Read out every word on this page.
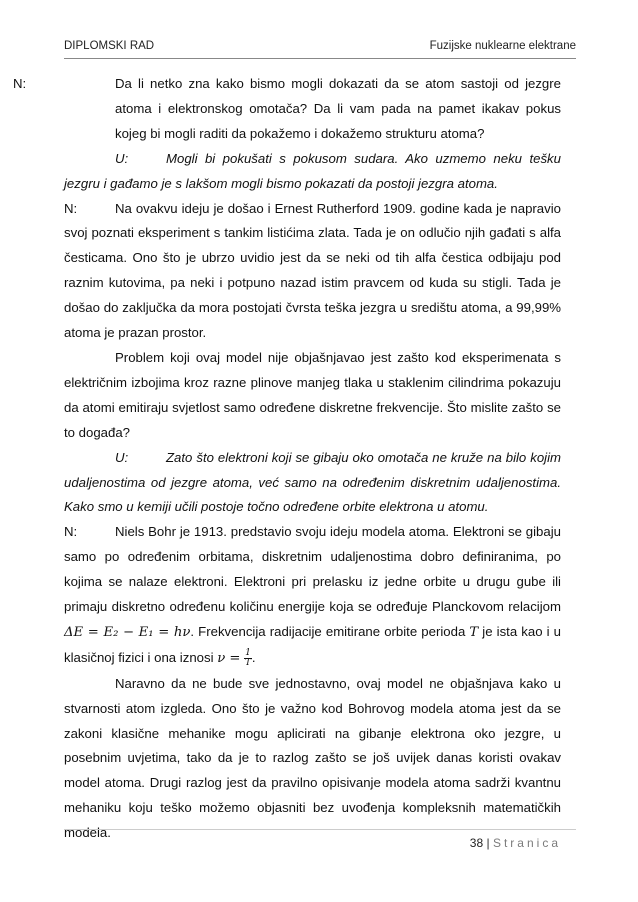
DIPLOMSKI RAD	Fuzijske nuklearne elektrane

N:	Da li netko zna kako bismo mogli dokazati da se atom sastoji od jezgre atoma i elektronskog omotača? Da li vam pada na pamet ikakav pokus kojeg bi mogli raditi da pokažemo i dokažemo strukturu atoma?

U:	Mogli bi pokušati s pokusom sudara. Ako uzmemo neku tešku jezgru i gađamo je s lakšom mogli bismo pokazati da postoji jezgra atoma.

N:	Na ovakvu ideju je došao i Ernest Rutherford 1909. godine kada je napravio svoj poznati eksperiment s tankim listićima zlata. Tada je on odlučio njih gađati s alfa česticama. Ono što je ubrzo uvidio jest da se neki od tih alfa čestica odbijaju pod raznim kutovima, pa neki i potpuno nazad istim pravcem od kuda su stigli. Tada je došao do zaključka da mora postojati čvrsta teška jezgra u središtu atoma, a 99,99% atoma je prazan prostor.

Problem koji ovaj model nije objašnjavao jest zašto kod eksperimenata s električnim izbojima kroz razne plinove manjeg tlaka u staklenim cilindrima pokazuju da atomi emitiraju svjetlost samo određene diskretne frekvencije. Što mislite zašto se to događa?

U:	Zato što elektroni koji se gibaju oko omotača ne kruže na bilo kojim udaljenostima od jezgre atoma, već samo na određenim diskretnim udaljenostima. Kako smo u kemiji učili postoje točno određene orbite elektrona u atomu.

N:	Niels Bohr je 1913. predstavio svoju ideju modela atoma. Elektroni se gibaju samo po određenim orbitama, diskretnim udaljenostima dobro definiranima, po kojima se nalaze elektroni. Elektroni pri prelasku iz jedne orbite u drugu gube ili primaju diskretno određenu količinu energije koja se određuje Planckovom relacijom ΔE = E₂ − E₁ = hν. Frekvencija radijacije emitirane orbite perioda T je ista kao i u klasičnoj fizici i ona iznosi $\nu = \frac{1}{T}$ .

Naravno da ne bude sve jednostavno, ovaj model ne objašnjava kako u stvarnosti atom izgleda. Ono što je važno kod Bohrovog modela atoma jest da se zakoni klasične mehanike mogu aplicirati na gibanje elektrona oko jezgre, u posebnim uvjetima, tako da je to razlog zašto se još uvijek danas koristi ovakav model atoma. Drugi razlog jest da pravilno opisivanje modela atoma sadrži kvantnu mehaniku koju teško možemo objasniti bez uvođenja kompleksnih matematičkih modela.

38 | Stranica
